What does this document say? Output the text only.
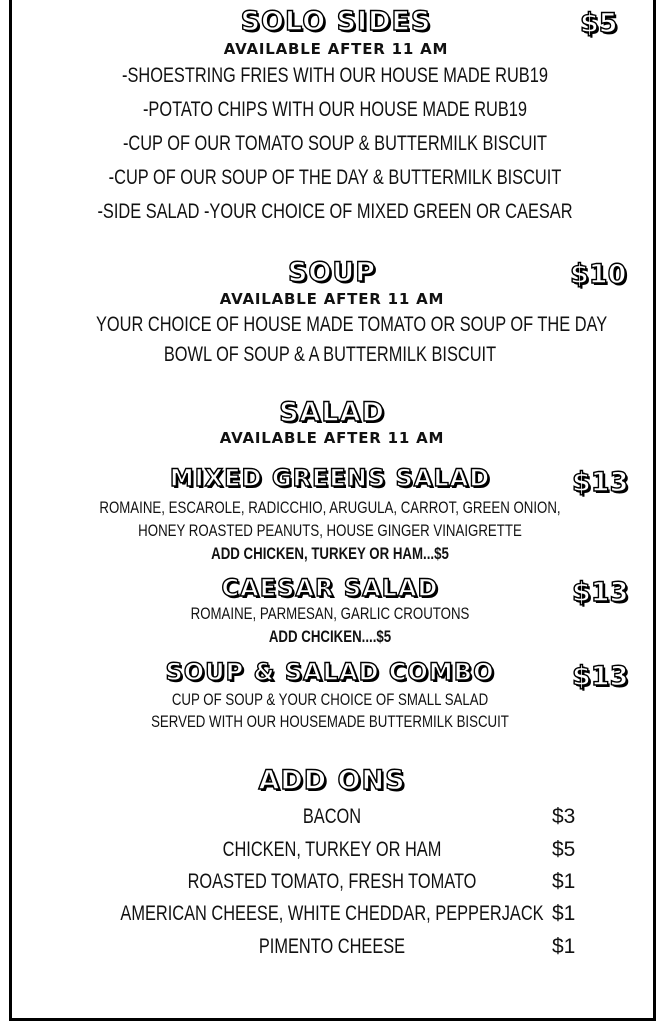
SOLO SIDES	$5
AVAILABLE AFTER 11 AM
-SHOESTRING FRIES WITH OUR HOUSE MADE RUB19
-POTATO CHIPS WITH OUR HOUSE MADE RUB19
-CUP OF OUR TOMATO SOUP & BUTTERMILK BISCUIT
-CUP OF OUR SOUP OF THE DAY & BUTTERMILK BISCUIT
-SIDE SALAD -YOUR CHOICE OF MIXED GREEN OR CAESAR
SOUP	$10
AVAILABLE AFTER 11 AM
YOUR CHOICE OF HOUSE MADE TOMATO OR SOUP OF THE DAY
BOWL OF SOUP & A BUTTERMILK BISCUIT
SALAD
AVAILABLE AFTER 11 AM
MIXED GREENS SALAD	$13
ROMAINE, ESCAROLE, RADICCHIO, ARUGULA, CARROT, GREEN ONION,
HONEY ROASTED PEANUTS, HOUSE GINGER VINAIGRETTE
ADD CHICKEN, TURKEY OR HAM...$5
CAESAR SALAD	$13
ROMAINE, PARMESAN, GARLIC CROUTONS
ADD CHCIKEN....$5
SOUP & SALAD COMBO	$13
CUP OF SOUP & YOUR CHOICE OF SMALL SALAD
SERVED WITH OUR HOUSEMADE BUTTERMILK BISCUIT
ADD ONS
BACON	$3
CHICKEN, TURKEY OR HAM	$5
ROASTED TOMATO, FRESH TOMATO	$1
AMERICAN CHEESE, WHITE CHEDDAR, PEPPERJACK $1
PIMENTO CHEESE	$1
